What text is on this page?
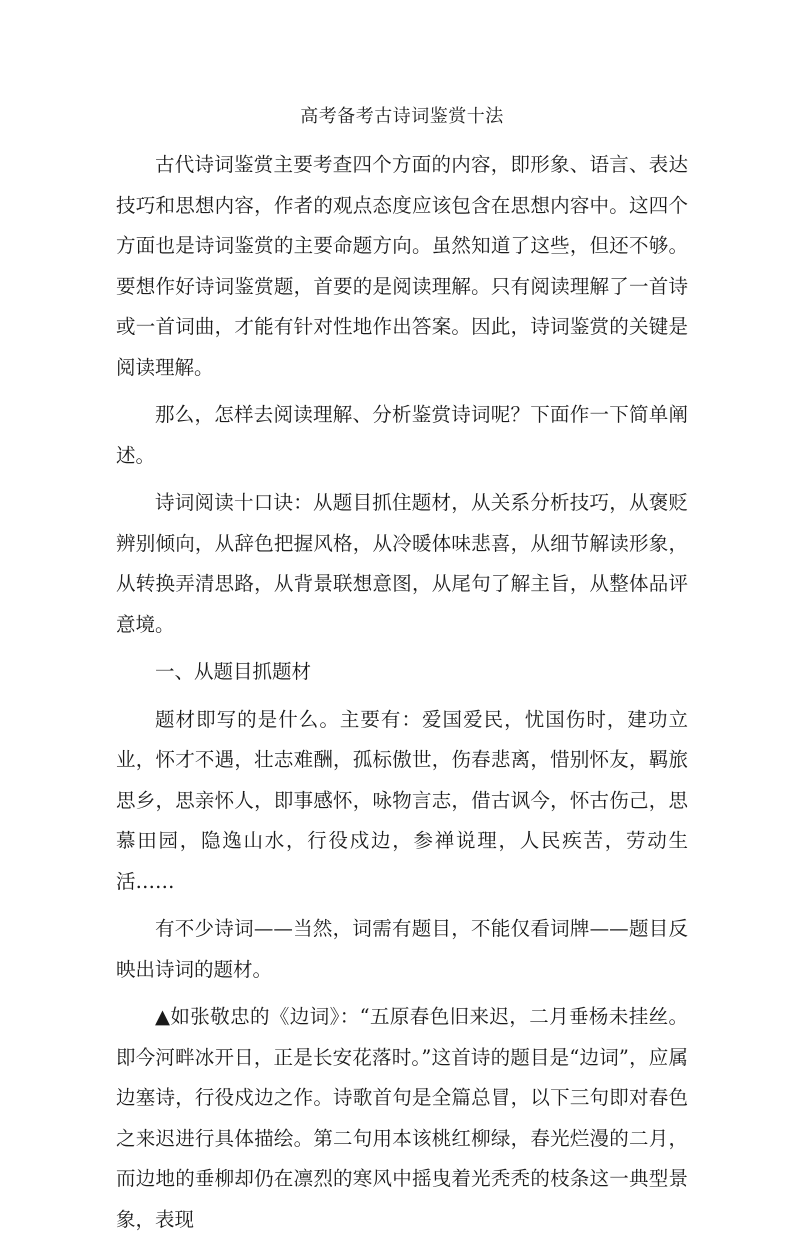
高考备考古诗词鉴赏十法

古代诗词鉴赏主要考查四个方面的内容，即形象、语言、表达技巧和思想内容，作者的观点态度应该包含在思想内容中。这四个方面也是诗词鉴赏的主要命题方向。虽然知道了这些，但还不够。要想作好诗词鉴赏题，首要的是阅读理解。只有阅读理解了一首诗或一首词曲，才能有针对性地作出答案。因此，诗词鉴赏的关键是阅读理解。

那么，怎样去阅读理解、分析鉴赏诗词呢？下面作一下简单阐述。

诗词阅读十口诀：从题目抓住题材，从关系分析技巧，从褒贬辨别倾向，从辞色把握风格，从冷暖体味悲喜，从细节解读形象，从转换弄清思路，从背景联想意图，从尾句了解主旨，从整体品评意境。

一、从题目抓题材

题材即写的是什么。主要有：爱国爱民，忧国伤时，建功立业，怀才不遇，壮志难酬，孤标傲世，伤春悲离，惜别怀友，羁旅思乡，思亲怀人，即事感怀，咏物言志，借古讽今，怀古伤己，思慕田园，隐逸山水，行役戍边，参禅说理，人民疾苦，劳动生活……

有不少诗词——当然，词需有题目，不能仅看词牌——题目反映出诗词的题材。

▲如张敬忠的《边词》：“五原春色旧来迟，二月垂杨未挂丝。即今河畔冰开日，正是长安花落时。”这首诗的题目是“边词”，应属边塞诗，行役戍边之作。诗歌首句是全篇总冒，以下三句即对春色之来迟进行具体描绘。第二句用本该桃红柳绿，春光烂漫的二月，而边地的垂柳却仍在凛烈的寒风中摇曳着光秃秃的枝条这一典型景象，表现
